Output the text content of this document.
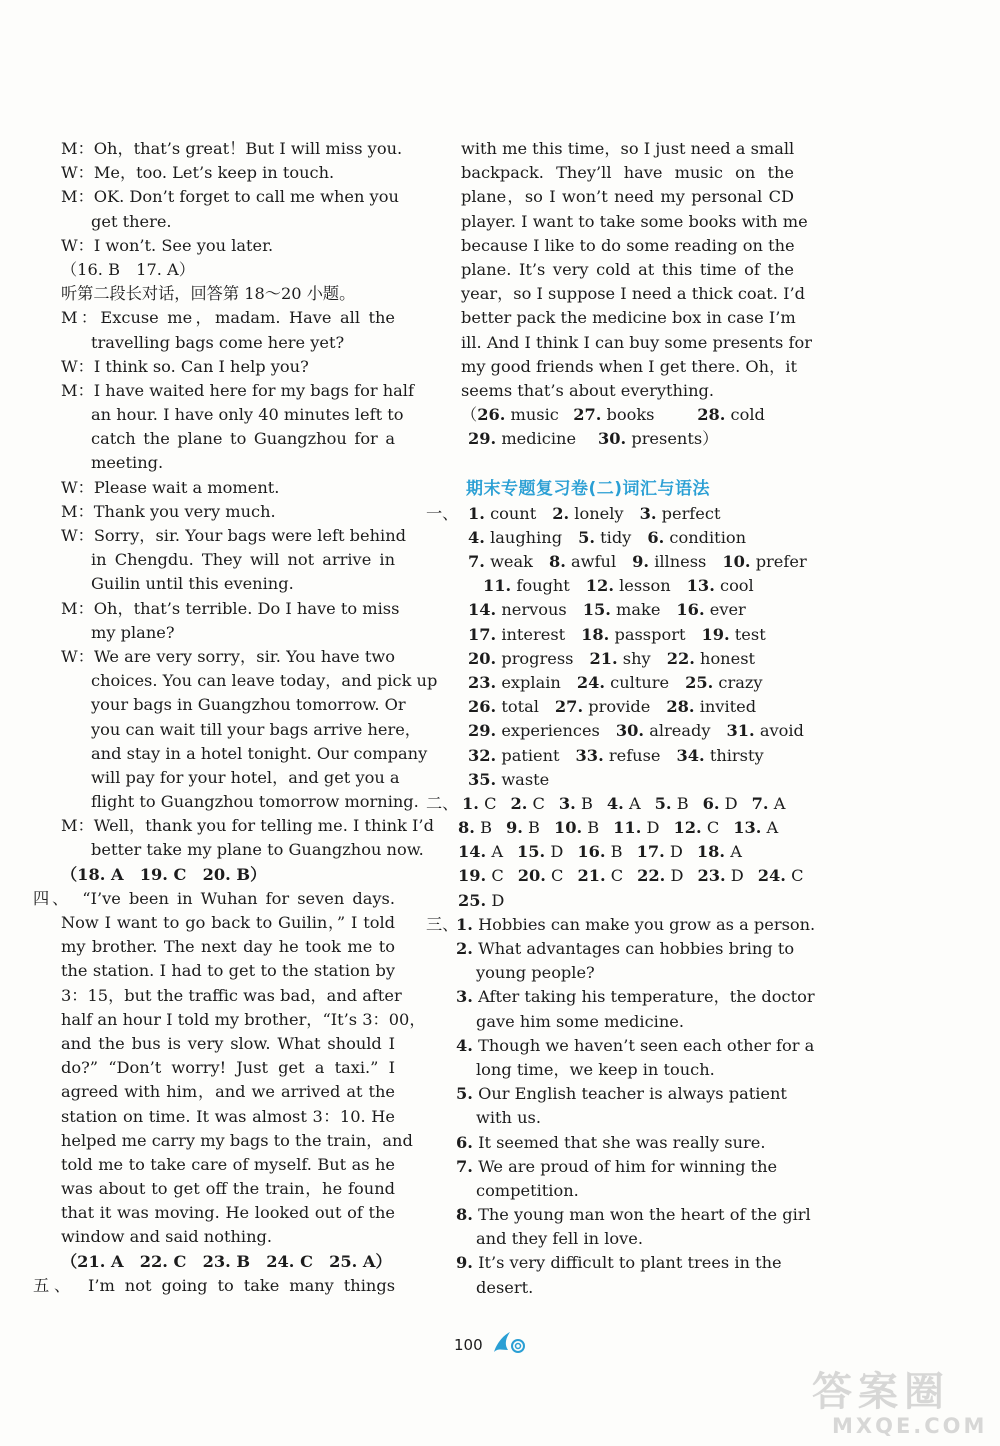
M：Oh，that’s great！But I will miss you.
W：Me，too. Let’s keep in touch.
M：OK. Don’t forget to call me when you
get there.
W：I won’t. See you later.
（16. B　17. A）
听第二段长对话，回答第 18～20 小题。
M：Excuse me，madam. Have all the
travelling bags come here yet?
W：I think so. Can I help you?
M：I have waited here for my bags for half
an hour. I have only 40 minutes left to
catch the plane to Guangzhou for a
meeting.
W：Please wait a moment.
M：Thank you very much.
W：Sorry，sir. Your bags were left behind
in Chengdu. They will not arrive in
Guilin until this evening.
M：Oh，that’s terrible. Do I have to miss
my plane?
W：We are very sorry，sir. You have two
choices. You can leave today，and pick up
your bags in Guangzhou tomorrow. Or
you can wait till your bags arrive here，
and stay in a hotel tonight. Our company
will pay for your hotel，and get you a
flight to Guangzhou tomorrow morning.
M：Well，thank you for telling me. I think I’d
better take my plane to Guangzhou now.
（18. A　19. C　20. B）
四、　“I’ve been in Wuhan for seven days.
Now I want to go back to Guilin，” I told
my brother. The next day he took me to
the station. I had to get to the station by
3：15，but the traffic was bad，and after
half an hour I told my brother，“It’s 3：00，
and the bus is very slow. What should I
do?” “Don’t worry! Just get a taxi.” I
agreed with him，and we arrived at the
station on time. It was almost 3：10. He
helped me carry my bags to the train，and
told me to take care of myself. But as he
was about to get off the train，he found
that it was moving. He looked out of the
window and said nothing.
（21. A　22. C　23. B　24. C　25. A）
五、　I’m not going to take many things
with me this time，so I just need a small
backpack. They’ll have music on the
plane，so I won’t need my personal CD
player. I want to take some books with me
because I like to do some reading on the
plane. It’s very cold at this time of the
year，so I suppose I need a thick coat. I’d
better pack the medicine box in case I’m
ill. And I think I can buy some presents for
my good friends when I get there. Oh，it
seems that’s about everything.
（26. music 27. books	28. cold
29. medicine 30. presents）
期末专题复习卷(二)词汇与语法
一、 1. count 2. lonely 3. perfect
4. laughing 5. tidy 6. condition
7. weak 8. awful 9. illness 10. prefer
11. fought 12. lesson 13. cool
14. nervous 15. make 16. ever
17. interest 18. passport 19. test
20. progress 21. shy 22. honest
23. explain 24. culture 25. crazy
26. total 27. provide 28. invited
29. experiences 30. already 31. avoid
32. patient 33. refuse 34. thirsty
35. waste
二、 1. C 2. C 3. B 4. A 5. B 6. D 7. A
8. B 9. B 10. B 11. D 12. C 13. A
14. A 15. D 16. B 17. D 18. A
19. C 20. C 21. C 22. D 23. D 24. C
25. D
三、1. Hobbies can make you grow as a person.
2. What advantages can hobbies bring to
young people?
3. After taking his temperature，the doctor
gave him some medicine.
4. Though we haven’t seen each other for a
long time，we keep in touch.
5. Our English teacher is always patient
with us.
6. It seemed that she was really sure.
7. We are proud of him for winning the
competition.
8. The young man won the heart of the girl
and they fell in love.
9. It’s very difficult to plant trees in the
desert.
100
答案圈
MXQE.COM
